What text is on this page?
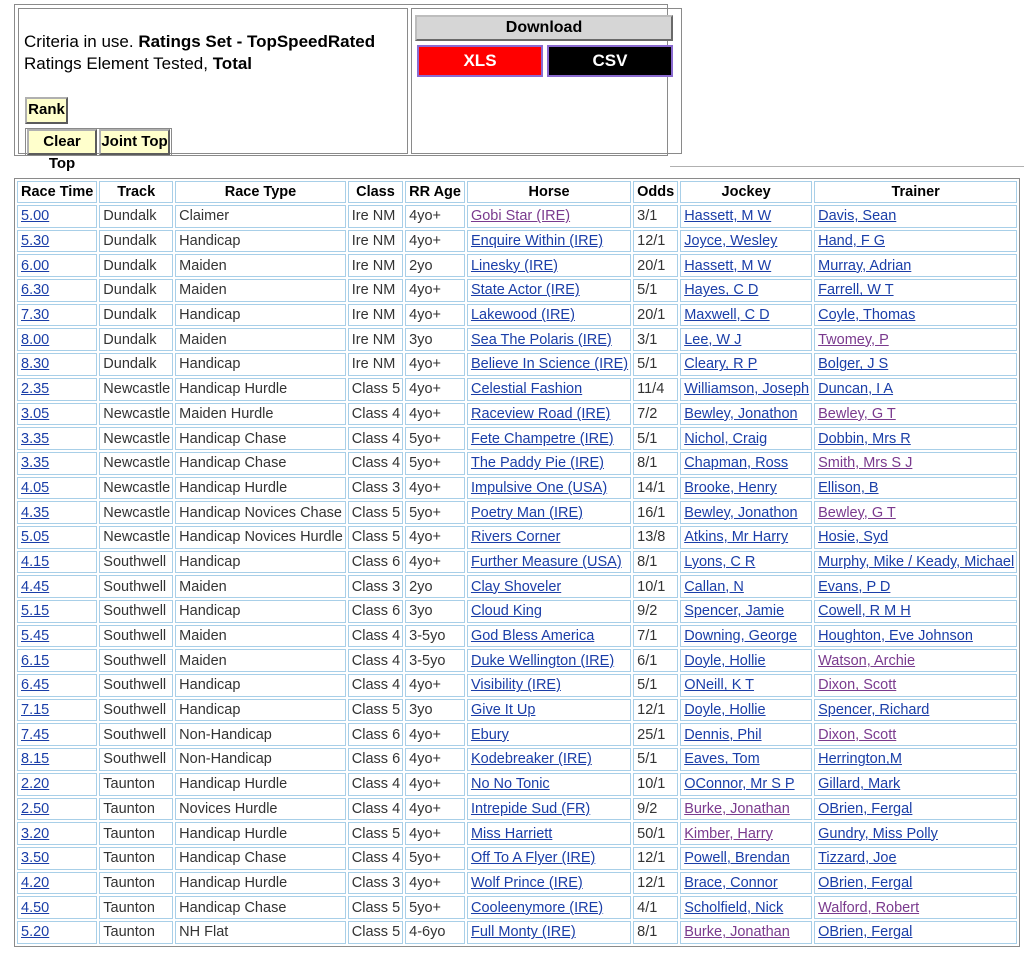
Criteria in use. Ratings Set - TopSpeedRated
Ratings Element Tested, Total
Rank
Clear Top
Joint Top
Download
XLS	CSV
Race Time	Track	Race Type	Class	RR Age	Horse	Odds	Jockey	Trainer
5.00	Dundalk	Claimer	Ire NM	4yo+	Gobi Star (IRE)	3/1	Hassett, M W	Davis, Sean
5.30	Dundalk	Handicap	Ire NM	4yo+	Enquire Within (IRE)	12/1	Joyce, Wesley	Hand, F G
6.00	Dundalk	Maiden	Ire NM	2yo	Linesky (IRE)	20/1	Hassett, M W	Murray, Adrian
6.30	Dundalk	Maiden	Ire NM	4yo+	State Actor (IRE)	5/1	Hayes, C D	Farrell, W T
7.30	Dundalk	Handicap	Ire NM	4yo+	Lakewood (IRE)	20/1	Maxwell, C D	Coyle, Thomas
8.00	Dundalk	Maiden	Ire NM	3yo	Sea The Polaris (IRE)	3/1	Lee, W J	Twomey, P
8.30	Dundalk	Handicap	Ire NM	4yo+	Believe In Science (IRE)	5/1	Cleary, R P	Bolger, J S
2.35	Newcastle	Handicap Hurdle	Class 5	4yo+	Celestial Fashion	11/4	Williamson, Joseph	Duncan, I A
3.05	Newcastle	Maiden Hurdle	Class 4	4yo+	Raceview Road (IRE)	7/2	Bewley, Jonathon	Bewley, G T
3.35	Newcastle	Handicap Chase	Class 4	5yo+	Fete Champetre (IRE)	5/1	Nichol, Craig	Dobbin, Mrs R
3.35	Newcastle	Handicap Chase	Class 4	5yo+	The Paddy Pie (IRE)	8/1	Chapman, Ross	Smith, Mrs S J
4.05	Newcastle	Handicap Hurdle	Class 3	4yo+	Impulsive One (USA)	14/1	Brooke, Henry	Ellison, B
4.35	Newcastle	Handicap Novices Chase	Class 5	5yo+	Poetry Man (IRE)	16/1	Bewley, Jonathon	Bewley, G T
5.05	Newcastle	Handicap Novices Hurdle	Class 5	4yo+	Rivers Corner	13/8	Atkins, Mr Harry	Hosie, Syd
4.15	Southwell	Handicap	Class 6	4yo+	Further Measure (USA)	8/1	Lyons, C R	Murphy, Mike / Keady, Michael
4.45	Southwell	Maiden	Class 3	2yo	Clay Shoveler	10/1	Callan, N	Evans, P D
5.15	Southwell	Handicap	Class 6	3yo	Cloud King	9/2	Spencer, Jamie	Cowell, R M H
5.45	Southwell	Maiden	Class 4	3-5yo	God Bless America	7/1	Downing, George	Houghton, Eve Johnson
6.15	Southwell	Maiden	Class 4	3-5yo	Duke Wellington (IRE)	6/1	Doyle, Hollie	Watson, Archie
6.45	Southwell	Handicap	Class 4	4yo+	Visibility (IRE)	5/1	ONeill, K T	Dixon, Scott
7.15	Southwell	Handicap	Class 5	3yo	Give It Up	12/1	Doyle, Hollie	Spencer, Richard
7.45	Southwell	Non-Handicap	Class 6	4yo+	Ebury	25/1	Dennis, Phil	Dixon, Scott
8.15	Southwell	Non-Handicap	Class 6	4yo+	Kodebreaker (IRE)	5/1	Eaves, Tom	Herrington,M
2.20	Taunton	Handicap Hurdle	Class 4	4yo+	No No Tonic	10/1	OConnor, Mr S P	Gillard, Mark
2.50	Taunton	Novices Hurdle	Class 4	4yo+	Intrepide Sud (FR)	9/2	Burke, Jonathan	OBrien, Fergal
3.20	Taunton	Handicap Hurdle	Class 5	4yo+	Miss Harriett	50/1	Kimber, Harry	Gundry, Miss Polly
3.50	Taunton	Handicap Chase	Class 4	5yo+	Off To A Flyer (IRE)	12/1	Powell, Brendan	Tizzard, Joe
4.20	Taunton	Handicap Hurdle	Class 3	4yo+	Wolf Prince (IRE)	12/1	Brace, Connor	OBrien, Fergal
4.50	Taunton	Handicap Chase	Class 5	5yo+	Cooleenymore (IRE)	4/1	Scholfield, Nick	Walford, Robert
5.20	Taunton	NH Flat	Class 5	4-6yo	Full Monty (IRE)	8/1	Burke, Jonathan	OBrien, Fergal
